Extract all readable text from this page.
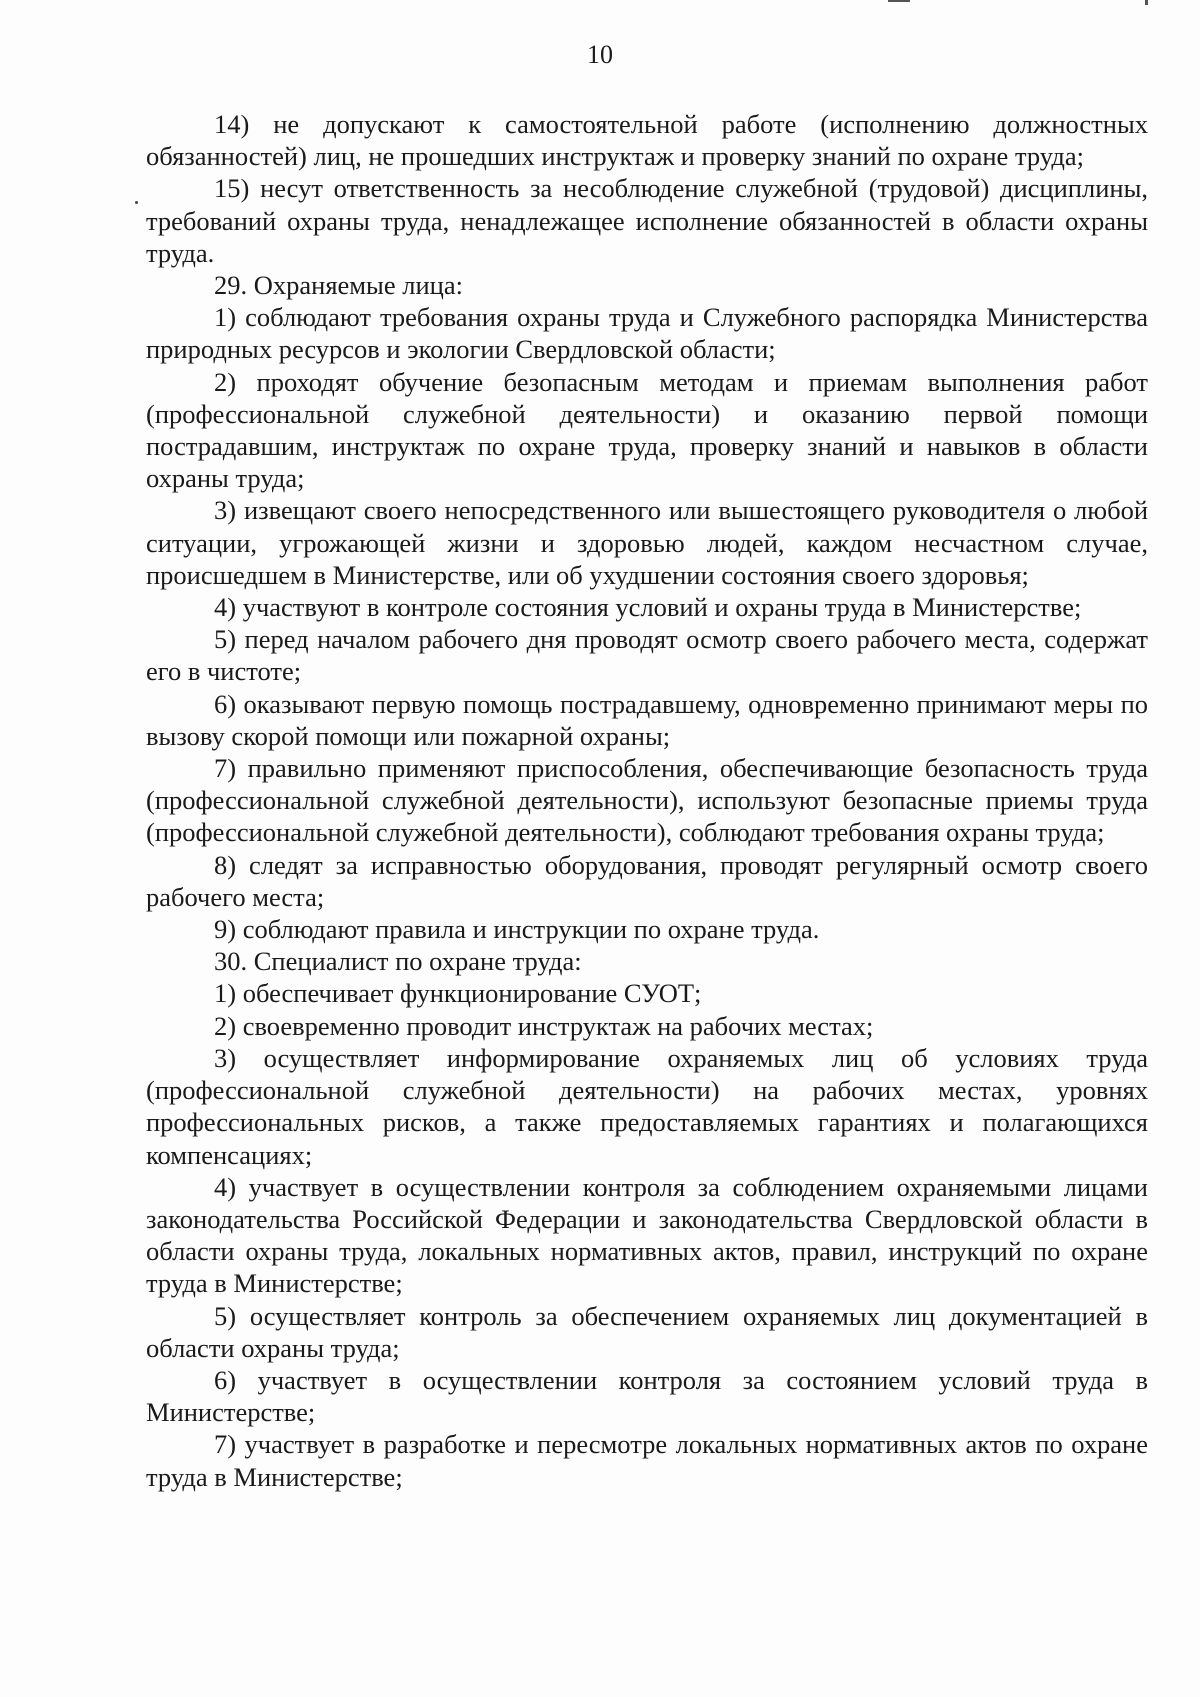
10

14) не допускают к самостоятельной работе (исполнению должностных обязанностей) лиц, не прошедших инструктаж и проверку знаний по охране труда;

15) несут ответственность за несоблюдение служебной (трудовой) дисциплины, требований охраны труда, ненадлежащее исполнение обязанностей в области охраны труда.

29. Охраняемые лица:

1) соблюдают требования охраны труда и Служебного распорядка Министерства природных ресурсов и экологии Свердловской области;

2) проходят обучение безопасным методам и приемам выполнения работ (профессиональной служебной деятельности) и оказанию первой помощи пострадавшим, инструктаж по охране труда, проверку знаний и навыков в области охраны труда;

3) извещают своего непосредственного или вышестоящего руководителя о любой ситуации, угрожающей жизни и здоровью людей, каждом несчастном случае, происшедшем в Министерстве, или об ухудшении состояния своего здоровья;

4) участвуют в контроле состояния условий и охраны труда в Министерстве;

5) перед началом рабочего дня проводят осмотр своего рабочего места, содержат его в чистоте;

6) оказывают первую помощь пострадавшему, одновременно принимают меры по вызову скорой помощи или пожарной охраны;

7) правильно применяют приспособления, обеспечивающие безопасность труда (профессиональной служебной деятельности), используют безопасные приемы труда (профессиональной служебной деятельности), соблюдают требования охраны труда;

8) следят за исправностью оборудования, проводят регулярный осмотр своего рабочего места;

9) соблюдают правила и инструкции по охране труда.

30. Специалист по охране труда:

1) обеспечивает функционирование СУОТ;

2) своевременно проводит инструктаж на рабочих местах;

3) осуществляет информирование охраняемых лиц об условиях труда (профессиональной служебной деятельности) на рабочих местах, уровнях профессиональных рисков, а также предоставляемых гарантиях и полагающихся компенсациях;

4) участвует в осуществлении контроля за соблюдением охраняемыми лицами законодательства Российской Федерации и законодательства Свердловской области в области охраны труда, локальных нормативных актов, правил, инструкций по охране труда в Министерстве;

5) осуществляет контроль за обеспечением охраняемых лиц документацией в области охраны труда;

6) участвует в осуществлении контроля за состоянием условий труда в Министерстве;

7) участвует в разработке и пересмотре локальных нормативных актов по охране труда в Министерстве;
